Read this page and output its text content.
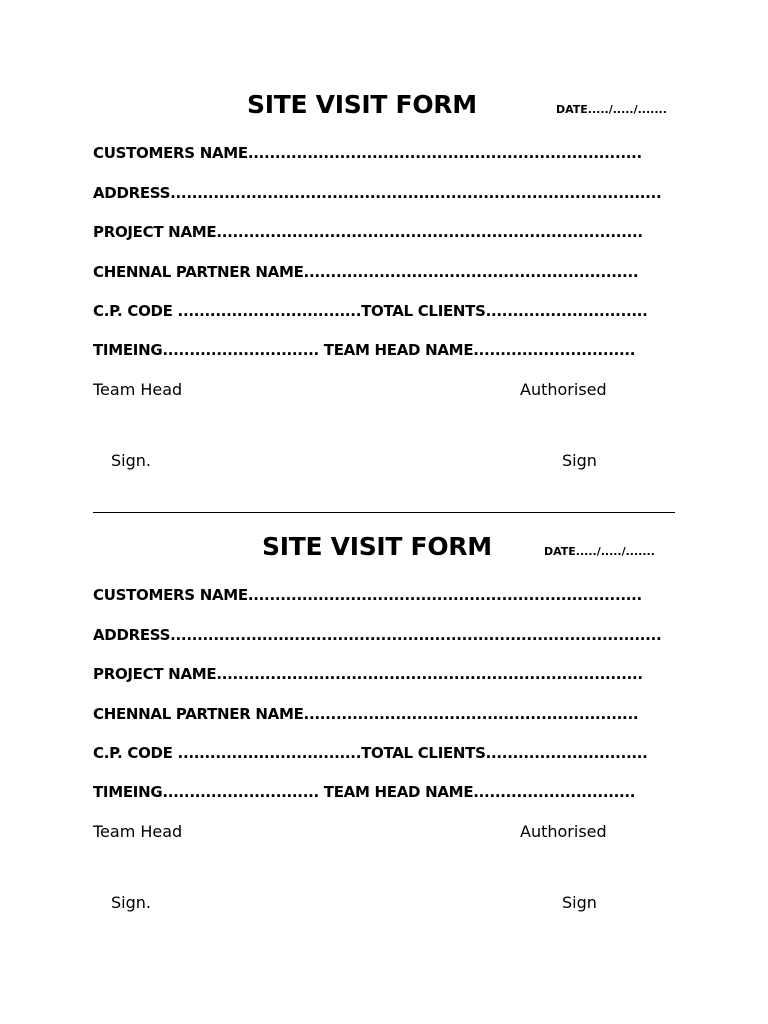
SITE VISIT FORM	DATE...../...../.......
CUSTOMERS NAME.........................................................................
ADDRESS...........................................................................................
PROJECT NAME...............................................................................
CHENNAL PARTNER NAME..............................................................
C.P. CODE ..................................TOTAL CLIENTS..............................
TIMEING............................. TEAM HEAD NAME..............................
Team Head	Authorised
Sign.	Sign
SITE VISIT FORM	DATE...../...../.......
CUSTOMERS NAME.........................................................................
ADDRESS...........................................................................................
PROJECT NAME...............................................................................
CHENNAL PARTNER NAME..............................................................
C.P. CODE ..................................TOTAL CLIENTS..............................
TIMEING............................. TEAM HEAD NAME..............................
Team Head	Authorised
Sign.	Sign
